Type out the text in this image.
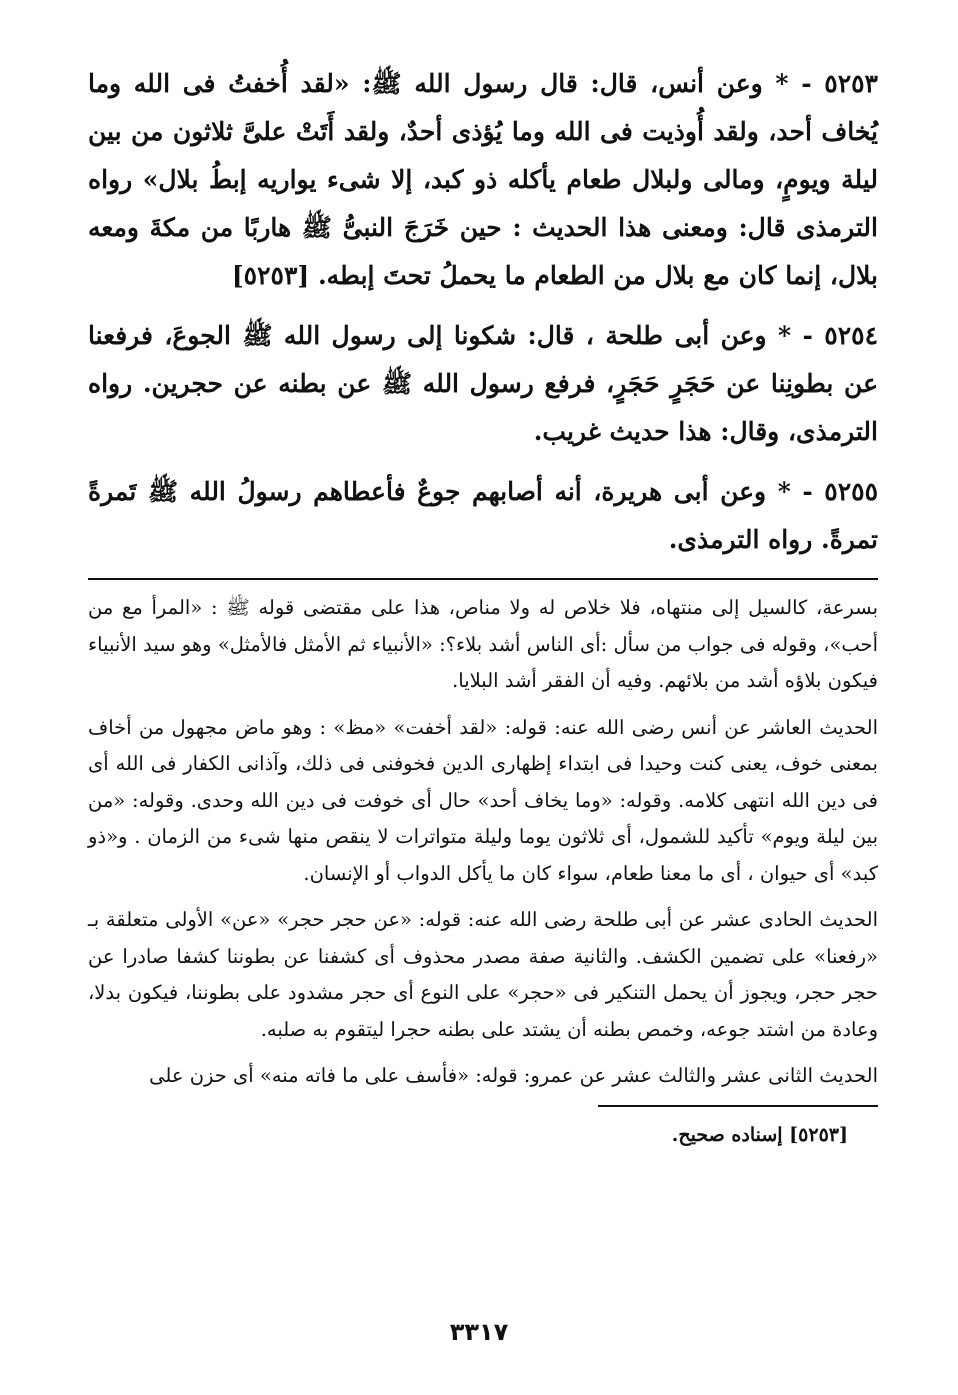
٥٢٥٣ - * وعن أنس، قال: قال رسول الله ﷺ: «لقد أُخفتُ فى الله وما يُخاف أحد، ولقد أُوذيت فى الله وما يُؤذى أحدٌ، ولقد أَتَتْ علىَّ ثلاثون من بين ليلة ويومٍ، ومالى ولبلال طعام يأكله ذو كبد، إلا شىء يواريه إبطُ بلال» رواه الترمذى قال: ومعنى هذا الحديث : حين خَرَجَ النبىُّ ﷺ هاربًا من مكةَ ومعه بلال، إنما كان مع بلال من الطعام ما يحملُ تحتَ إبطه. [٥٢٥٣]

٥٢٥٤ - * وعن أبى طلحة ، قال: شكونا إلى رسول الله ﷺ الجوعَ، فرفعنا عن بطونِنا عن حَجَرٍ حَجَرٍ، فرفع رسول الله ﷺ عن بطنه عن حجرين. رواه الترمذى، وقال: هذا حديث غريب.

٥٢٥٥ - * وعن أبى هريرة، أنه أصابهم جوعٌ فأعطاهم رسولُ الله ﷺ تَمرةً تمرةً. رواه الترمذى.

بسرعة، كالسيل إلى منتهاه، فلا خلاص له ولا مناص، هذا على مقتضى قوله ﷺ : «المرأ مع من أحب»، وقوله فى جواب من سأل :أى الناس أشد بلاء؟: «الأنبياء ثم الأمثل فالأمثل» وهو سيد الأنبياء فيكون بلاؤه أشد من بلائهم. وفيه أن الفقر أشد البلايا.

الحديث العاشر عن أنس رضى الله عنه: قوله: «لقد أخفت» «مظ» : وهو ماض مجهول من أخاف بمعنى خوف، يعنى كنت وحيدا فى ابتداء إظهارى الدين فخوفنى فى ذلك، وآذانى الكفار فى الله أى فى دين الله انتهى كلامه. وقوله: «وما يخاف أحد» حال أى خوفت فى دين الله وحدى. وقوله: «من بين ليلة ويوم» تأكيد للشمول، أى ثلاثون يوما وليلة متواترات لا ينقص منها شىء من الزمان . و«ذو كبد» أى حيوان ، أى ما معنا طعام، سواء كان ما يأكل الدواب أو الإنسان.

الحديث الحادى عشر عن أبى طلحة رضى الله عنه: قوله: «عن حجر حجر» «عن» الأولى متعلقة بـ «رفعنا» على تضمين الكشف. والثانية صفة مصدر محذوف أى كشفنا عن بطوننا كشفا صادرا عن حجر حجر، ويجوز أن يحمل التنكير فى «حجر» على النوع أى حجر مشدود على بطوننا، فيكون بدلا، وعادة من اشتد جوعه، وخمص بطنه أن يشتد على بطنه حجرا ليتقوم به صلبه.

الحديث الثانى عشر والثالث عشر عن عمرو: قوله: «فأسف على ما فاته منه» أى حزن على

[٥٢٥٣] إسناده صحيح.
٣٣١٧
